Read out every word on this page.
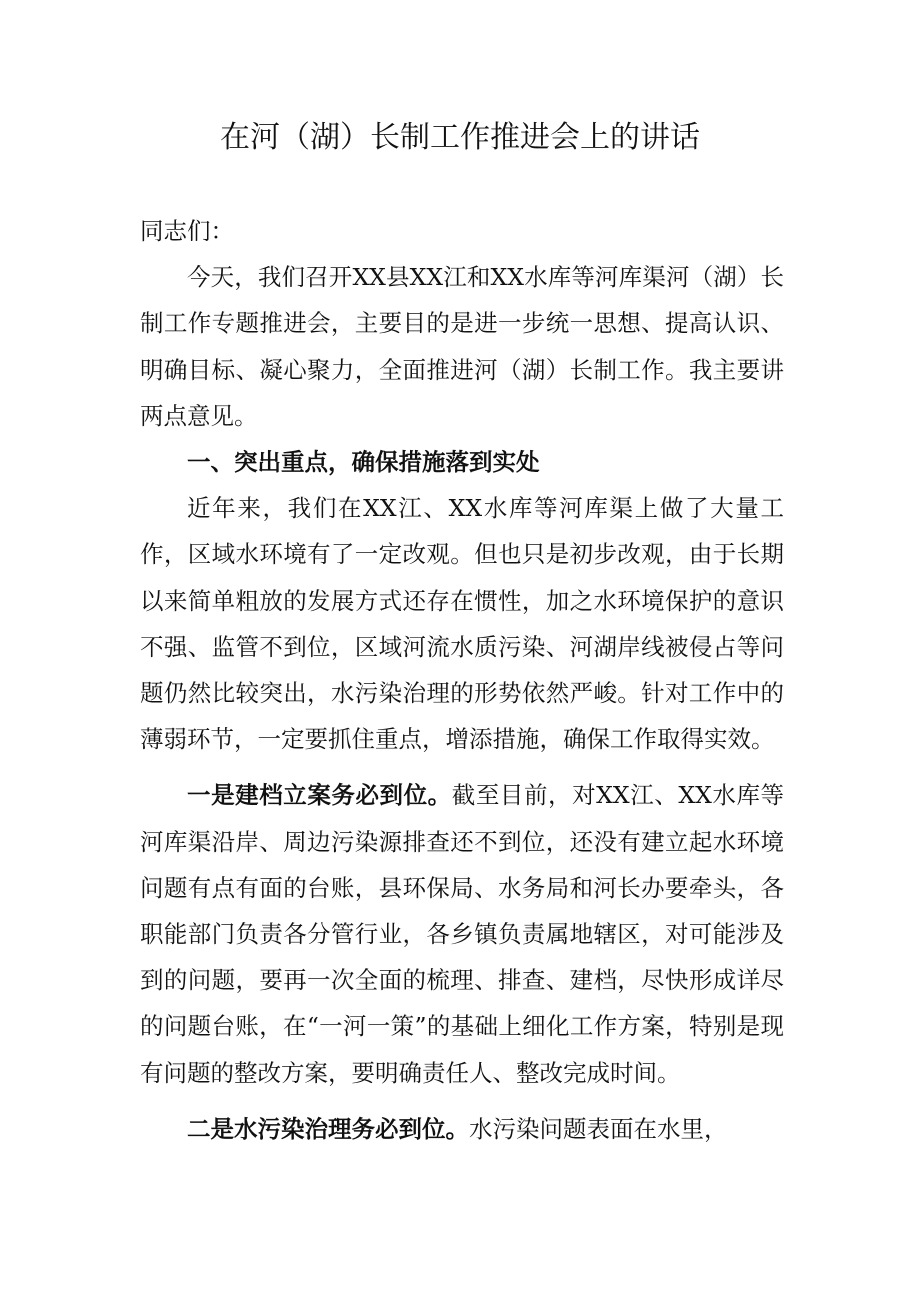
在河（湖）长制工作推进会上的讲话

同志们：

今天，我们召开XX县XX江和XX水库等河库渠河（湖）长制工作专题推进会，主要目的是进一步统一思想、提高认识、明确目标、凝心聚力，全面推进河（湖）长制工作。我主要讲两点意见。

一、突出重点，确保措施落到实处

近年来，我们在XX江、XX水库等河库渠上做了大量工作，区域水环境有了一定改观。但也只是初步改观，由于长期以来简单粗放的发展方式还存在惯性，加之水环境保护的意识不强、监管不到位，区域河流水质污染、河湖岸线被侵占等问题仍然比较突出，水污染治理的形势依然严峻。针对工作中的薄弱环节，一定要抓住重点，增添措施，确保工作取得实效。

一是建档立案务必到位。截至目前，对XX江、XX水库等河库渠沿岸、周边污染源排查还不到位，还没有建立起水环境问题有点有面的台账，县环保局、水务局和河长办要牵头，各职能部门负责各分管行业，各乡镇负责属地辖区，对可能涉及到的问题，要再一次全面的梳理、排查、建档，尽快形成详尽的问题台账，在“一河一策”的基础上细化工作方案，特别是现有问题的整改方案，要明确责任人、整改完成时间。

二是水污染治理务必到位。水污染问题表面在水里，
